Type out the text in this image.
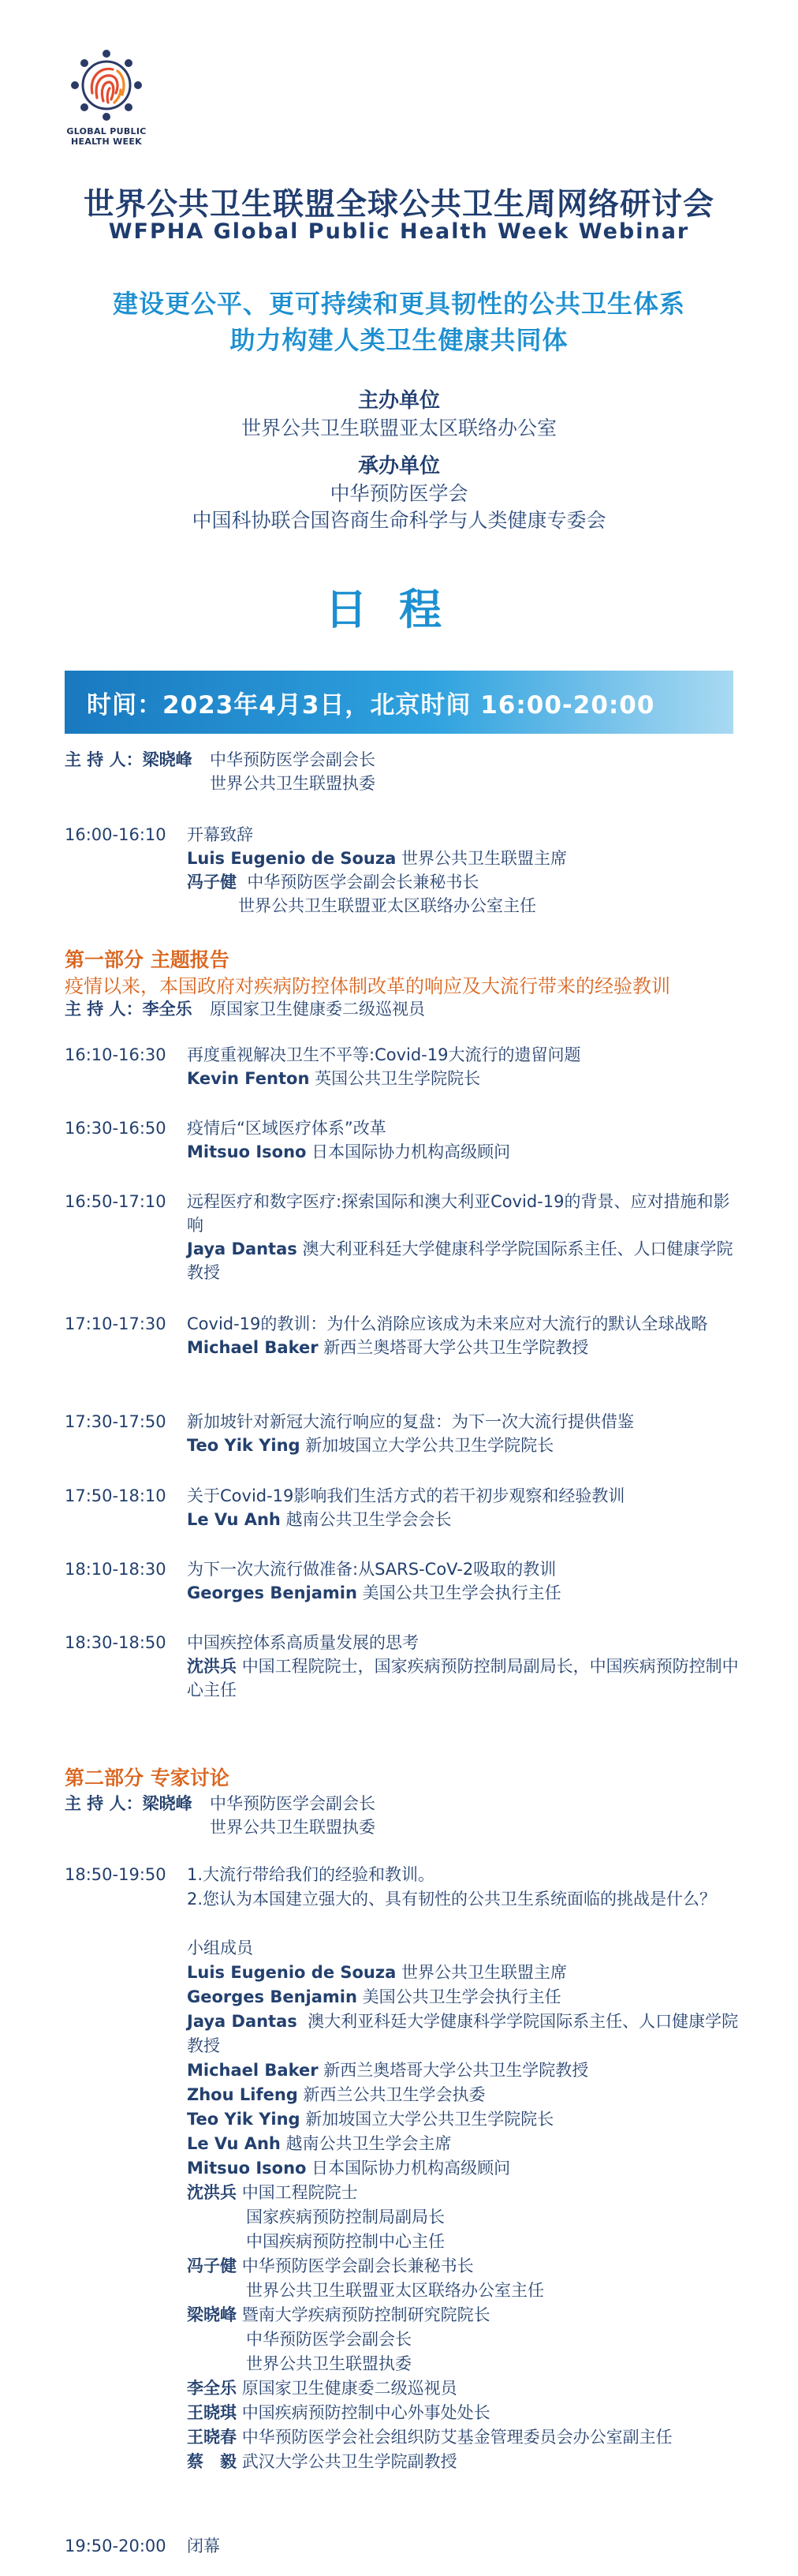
GLOBAL PUBLIC
HEALTH WEEK
世界公共卫生联盟全球公共卫生周网络研讨会
WFPHA Global Public Health Week Webinar
建设更公平、更可持续和更具韧性的公共卫生体系
助力构建人类卫生健康共同体
主办单位
世界公共卫生联盟亚太区联络办公室
承办单位
中华预防医学会
中国科协联合国咨商生命科学与人类健康专委会
日程
时间：2023年4月3日，北京时间 16:00-20:00
主 持 人：梁晓峰 中华预防医学会副会长
世界公共卫生联盟执委
16:00-16:10 开幕致辞
Luis Eugenio de Souza 世界公共卫生联盟主席
冯子健 中华预防医学会副会长兼秘书长
世界公共卫生联盟亚太区联络办公室主任
第一部分 主题报告
疫情以来，本国政府对疾病防控体制改革的响应及大流行带来的经验教训
主 持 人：李全乐 原国家卫生健康委二级巡视员
16:10-16:30 再度重视解决卫生不平等:Covid-19大流行的遗留问题
Kevin Fenton 英国公共卫生学院院长
16:30-16:50 疫情后“区域医疗体系”改革
Mitsuo Isono 日本国际协力机构高级顾问
16:50-17:10 远程医疗和数字医疗:探索国际和澳大利亚Covid-19的背景、应对措施和影响
Jaya Dantas 澳大利亚科廷大学健康科学学院国际系主任、人口健康学院教授
17:10-17:30 Covid-19的教训：为什么消除应该成为未来应对大流行的默认全球战略
Michael Baker 新西兰奥塔哥大学公共卫生学院教授
17:30-17:50 新加坡针对新冠大流行响应的复盘：为下一次大流行提供借鉴
Teo Yik Ying 新加坡国立大学公共卫生学院院长
17:50-18:10 关于Covid-19影响我们生活方式的若干初步观察和经验教训
Le Vu Anh 越南公共卫生学会会长
18:10-18:30 为下一次大流行做准备:从SARS-CoV-2吸取的教训
Georges Benjamin 美国公共卫生学会执行主任
18:30-18:50 中国疾控体系高质量发展的思考
沈洪兵 中国工程院院士，国家疾病预防控制局副局长，中国疾病预防控制中心主任
第二部分 专家讨论
主 持 人：梁晓峰 中华预防医学会副会长
世界公共卫生联盟执委
18:50-19:50 1.大流行带给我们的经验和教训。
2.您认为本国建立强大的、具有韧性的公共卫生系统面临的挑战是什么？
小组成员
Luis Eugenio de Souza 世界公共卫生联盟主席
Georges Benjamin 美国公共卫生学会执行主任
Jaya Dantas 澳大利亚科廷大学健康科学学院国际系主任、人口健康学院教授
Michael Baker 新西兰奥塔哥大学公共卫生学院教授
Zhou Lifeng 新西兰公共卫生学会执委
Teo Yik Ying 新加坡国立大学公共卫生学院院长
Le Vu Anh 越南公共卫生学会主席
Mitsuo Isono 日本国际协力机构高级顾问
沈洪兵 中国工程院院士
国家疾病预防控制局副局长
中国疾病预防控制中心主任
冯子健 中华预防医学会副会长兼秘书长
世界公共卫生联盟亚太区联络办公室主任
梁晓峰 暨南大学疾病预防控制研究院院长
中华预防医学会副会长
世界公共卫生联盟执委
李全乐 原国家卫生健康委二级巡视员
王晓琪 中国疾病预防控制中心外事处处长
王晓春 中华预防医学会社会组织防艾基金管理委员会办公室副主任
蔡　毅 武汉大学公共卫生学院副教授
19:50-20:00 闭幕
